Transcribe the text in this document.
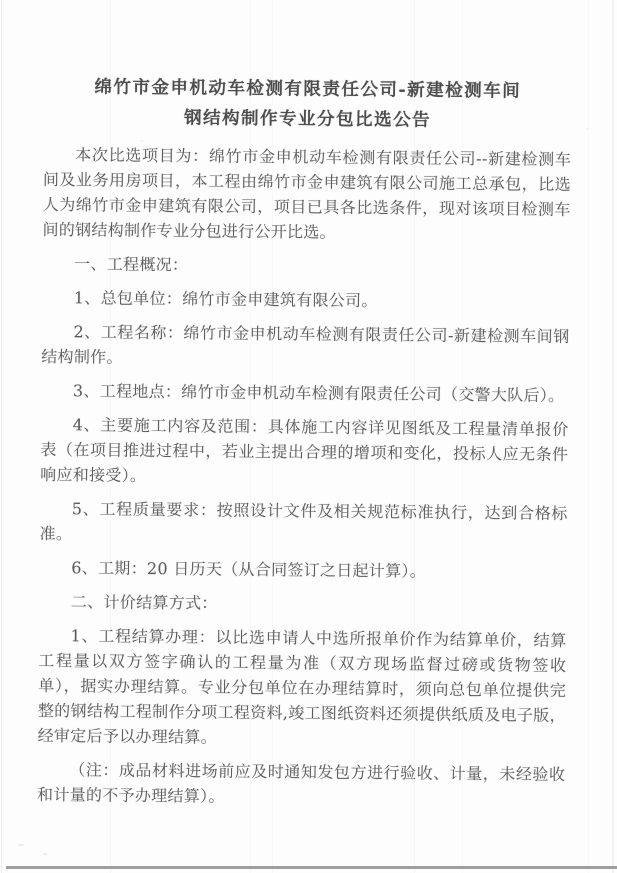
绵竹市金申机动车检测有限责任公司-新建检测车间
钢结构制作专业分包比选公告

本次比选项目为：绵竹市金申机动车检测有限责任公司--新建检测车间及业务用房项目，本工程由绵竹市金申建筑有限公司施工总承包，比选人为绵竹市金申建筑有限公司，项目已具各比选条件，现对该项目检测车间的钢结构制作专业分包进行公开比选。

一、工程概况：

1、总包单位：绵竹市金申建筑有限公司。

2、工程名称：绵竹市金申机动车检测有限责任公司-新建检测车间钢结构制作。

3、工程地点：绵竹市金申机动车检测有限责任公司（交警大队后）。

4、主要施工内容及范围：具体施工内容详见图纸及工程量清单报价表（在项目推进过程中，若业主提出合理的增项和变化，投标人应无条件响应和接受）。

5、工程质量要求：按照设计文件及相关规范标准执行，达到合格标准。

6、工期：20 日历天（从合同签订之日起计算）。

二、计价结算方式：

1、工程结算办理：以比选申请人中选所报单价作为结算单价，结算工程量以双方签字确认的工程量为准（双方现场监督过磅或货物签收单），据实办理结算。专业分包单位在办理结算时，须向总包单位提供完整的钢结构工程制作分项工程资料,竣工图纸资料还须提供纸质及电子版，经审定后予以办理结算。

（注：成品材料进场前应及时通知发包方进行验收、计量，未经验收和计量的不予办理结算）。
